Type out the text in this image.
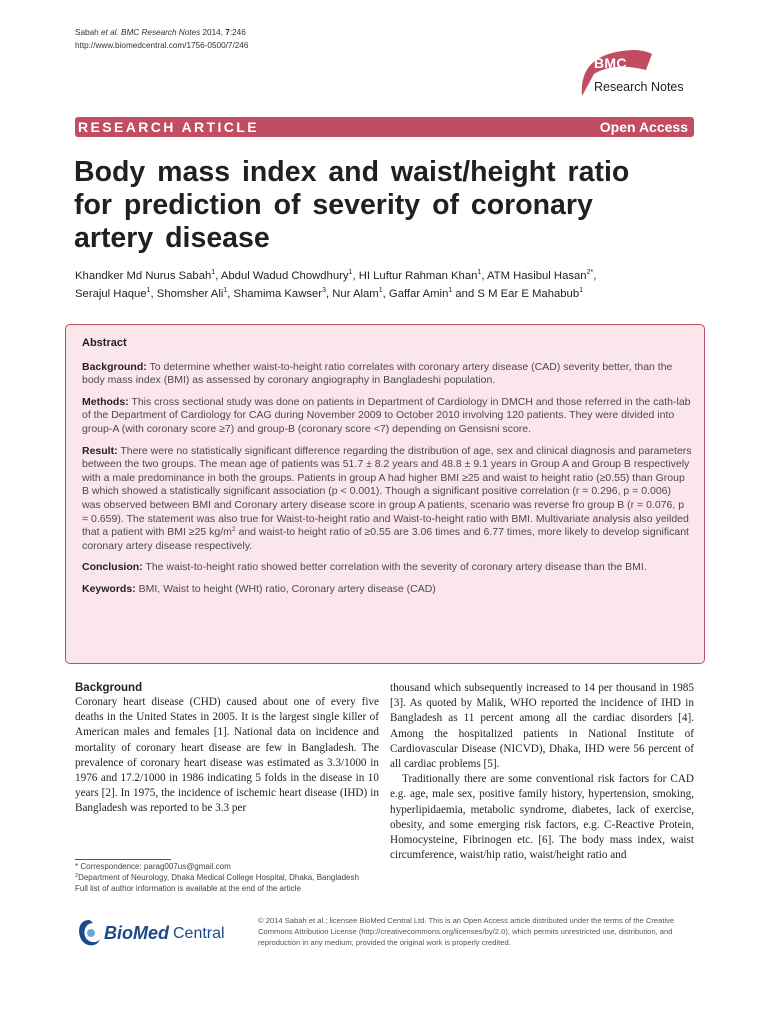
Sabah et al. BMC Research Notes 2014, 7:246
http://www.biomedcentral.com/1756-0500/7/246
BMC
Research Notes
RESEARCH ARTICLE	Open Access
Body mass index and waist/height ratio for prediction of severity of coronary artery disease
Khandker Md Nurus Sabah$^1$, Abdul Wadud Chowdhury$^1$, HI Luftur Rahman Khan$^1$, ATM Hasibul Hasan$^{2*}$,
Serajul Haque$^1$, Shomsher Ali$^1$, Shamima Kawser$^3$, Nur Alam$^1$, Gaffar Amin$^1$ and S M Ear E Mahabub$^1$
Abstract

Background: To determine whether waist-to-height ratio correlates with coronary artery disease (CAD) severity better, than the body mass index (BMI) as assessed by coronary angiography in Bangladeshi population.

Methods: This cross sectional study was done on patients in Department of Cardiology in DMCH and those referred in the cath-lab of the Department of Cardiology for CAG during November 2009 to October 2010 involving 120 patients. They were divided into group-A (with coronary score ≥7) and group-B (coronary score <7) depending on Gensisni score.

Result: There were no statistically significant difference regarding the distribution of age, sex and clinical diagnosis and parameters between the two groups. The mean age of patients was 51.7 ± 8.2 years and 48.8 ± 9.1 years in Group A and Group B respectively with a male predominance in both the groups. Patients in group A had higher BMI ≥25 and waist to height ratio (≥0.55) than Group B which showed a statistically significant association (p < 0.001). Though a significant positive correlation (r = 0.296, p = 0.006) was observed between BMI and Coronary artery disease score in group A patients, scenario was reverse fro group B (r = 0.076, p = 0.659). The statement was also true for Waist-to-height ratio and Waist-to-height ratio with BMI. Multivariate analysis also yeilded that a patient with BMI ≥25 $kg/m^2$ and waist-to height ratio of ≥0.55 are 3.06 times and 6.77 times, more likely to develop significant coronary artery disease respectively.

Conclusion: The waist-to-height ratio showed better correlation with the severity of coronary artery disease than the BMI.

Keywords: BMI, Waist to height (WHt) ratio, Coronary artery disease (CAD)

Background

Coronary heart disease (CHD) caused about one of every five deaths in the United States in 2005. It is the largest single killer of American males and females [1]. National data on incidence and mortality of coronary heart disease are few in Bangladesh. The prevalence of coronary heart disease was estimated as 3.3/1000 in 1976 and 17.2/1000 in 1986 indicating 5 folds in the disease in 10 years [2]. In 1975, the incidence of ischemic heart disease (IHD) in Bangladesh was reported to be 3.3 per

thousand which subsequently increased to 14 per thousand in 1985 [3]. As quoted by Malik, WHO reported the incidence of IHD in Bangladesh as 11 percent among all the cardiac disorders [4]. Among the hospitalized patients in National Institute of Cardiovascular Disease (NICVD), Dhaka, IHD were 56 percent of all cardiac problems [5].

Traditionally there are some conventional risk factors for CAD e.g. age, male sex, positive family history, hypertension, smoking, hyperlipidaemia, metabolic syndrome, diabetes, lack of exercise, obesity, and some emerging risk factors, e.g. C-Reactive Protein, Homocysteine, Fibrinogen etc. [6]. The body mass index, waist circumference, waist/hip ratio, waist/height ratio and

* Correspondence: parag007us@gmail.com
$^2$Department of Neurology, Dhaka Medical College Hospital, Dhaka, Bangladesh
Full list of author information is available at the end of the article
BioMed Central
© 2014 Sabah et al.; licensee BioMed Central Ltd. This is an Open Access article distributed under the terms of the Creative Commons Attribution License (http://creativecommons.org/licenses/by/2.0), which permits unrestricted use, distribution, and reproduction in any medium, provided the original work is properly credited.
